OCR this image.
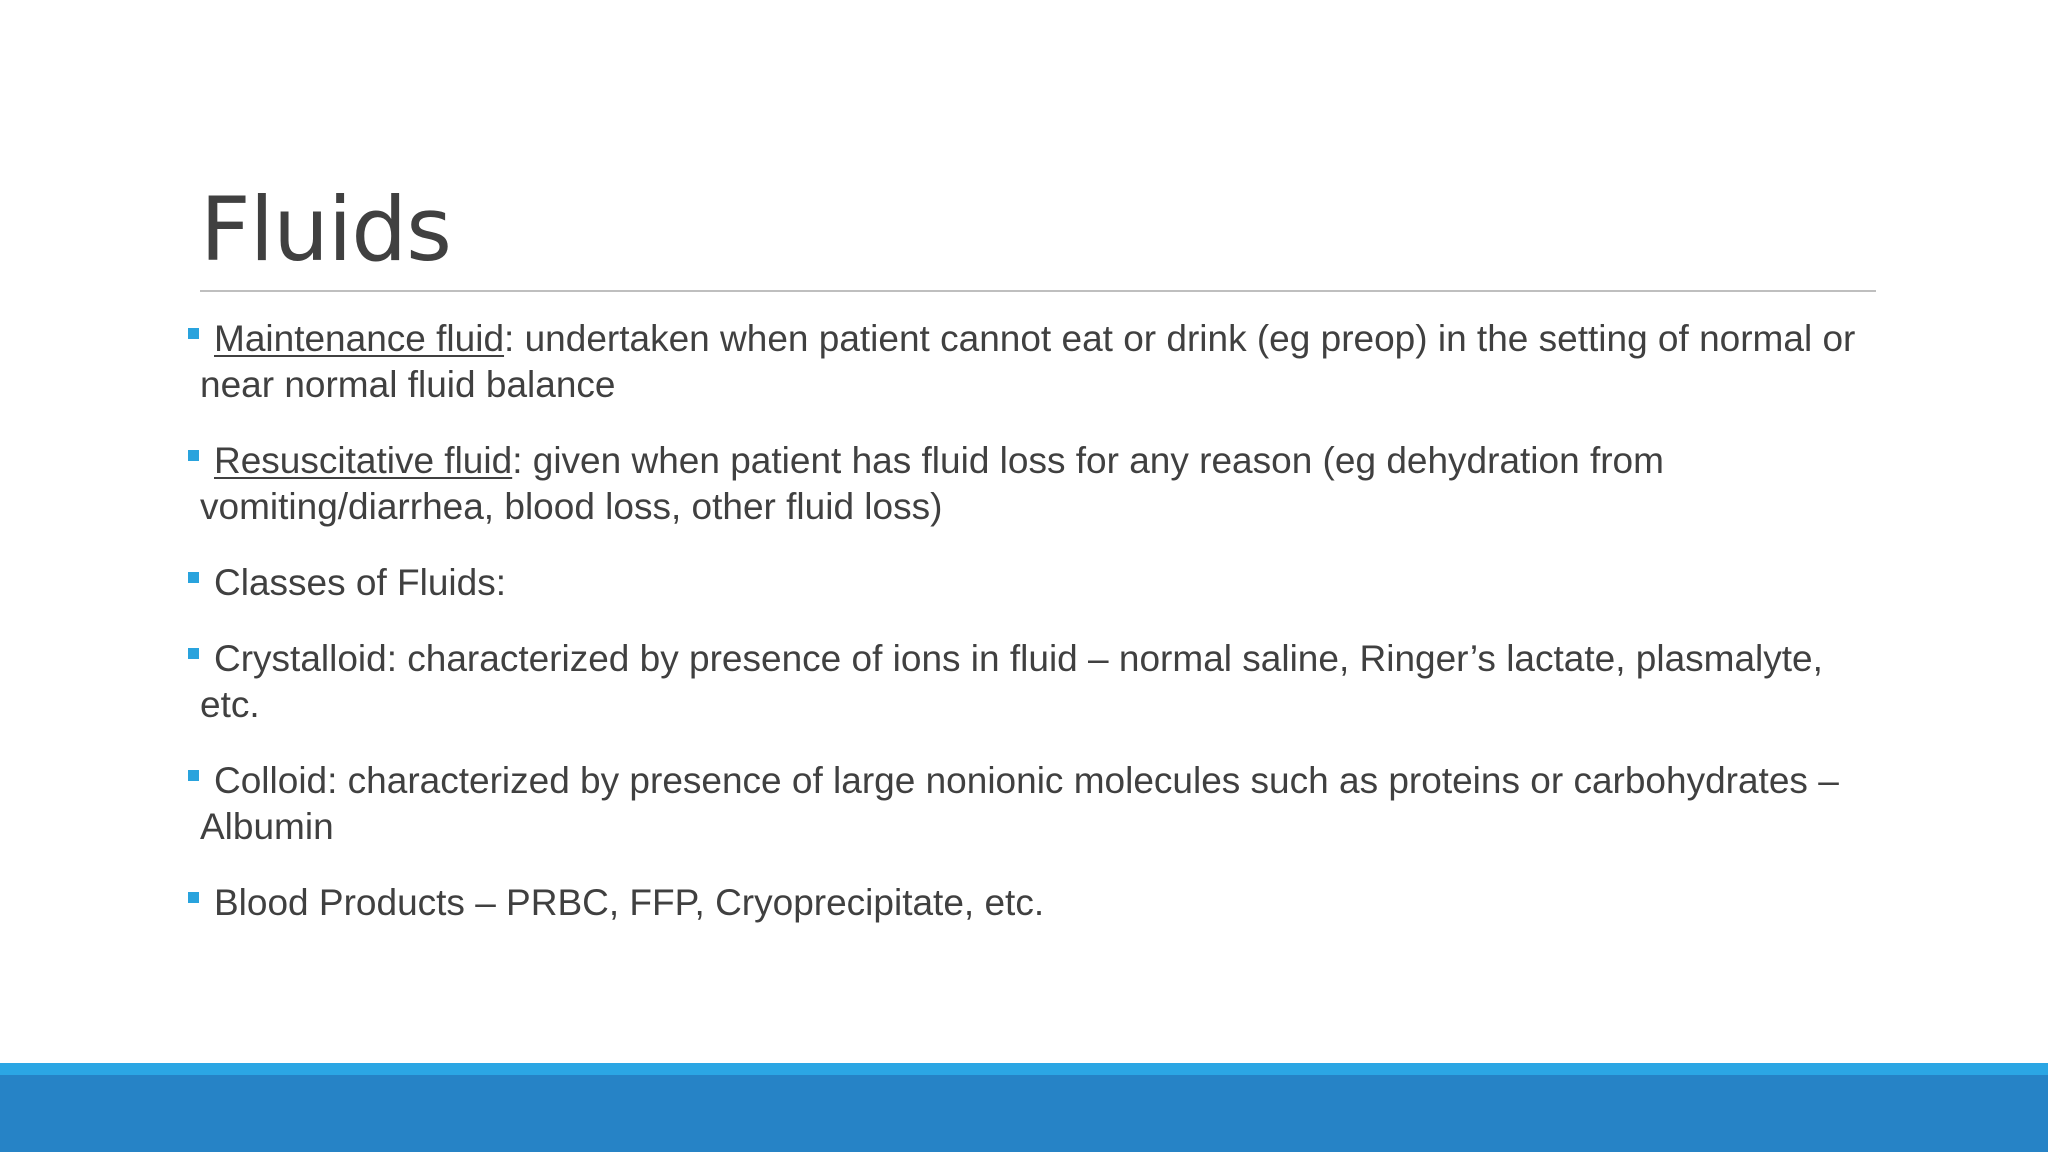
Fluids
Maintenance fluid: undertaken when patient cannot eat or drink (eg preop) in the setting of normal or near normal fluid balance
Resuscitative fluid: given when patient has fluid loss for any reason (eg dehydration from vomiting/diarrhea, blood loss, other fluid loss)
Classes of Fluids:
Crystalloid: characterized by presence of ions in fluid – normal saline, Ringer’s lactate, plasmalyte, etc.
Colloid: characterized by presence of large nonionic molecules such as proteins or carbohydrates – Albumin
Blood Products – PRBC, FFP, Cryoprecipitate, etc.
